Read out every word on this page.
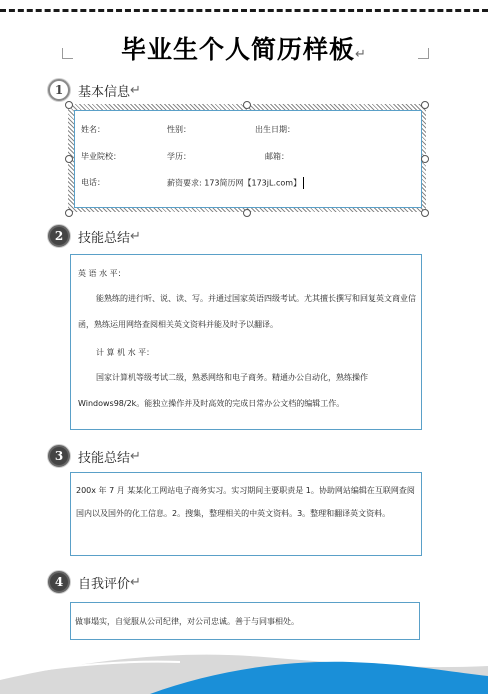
毕业生个人简历样板↵
1	基本信息 ↵
姓名：	性别：	出生日期：
毕业院校：	学历：	邮箱：
电话：	薪资要求: 173简历网【173jL.com】
2	技能总结 ↵
英 语 水 平：
能熟练的进行听、说、读、写。并通过国家英语四级考试。尤其擅长撰写和回复英文商业信函，熟练运用网络查阅相关英文资料并能及时予以翻译。
计 算 机 水 平：
国家计算机等级考试二级，熟悉网络和电子商务。精通办公自动化，熟练操作Windows98/2k。能独立操作并及时高效的完成日常办公文档的编辑工作。
3	技能总结 ↵
200x 年 7 月 某某化工网站电子商务实习。实习期间主要职责是 1。协助网站编辑在互联网查阅国内以及国外的化工信息。2。搜集，整理相关的中英文资料。3。整理和翻译英文资料。
4	自我评价 ↵
做事塌实，自觉服从公司纪律，对公司忠诚。善于与同事相处。
